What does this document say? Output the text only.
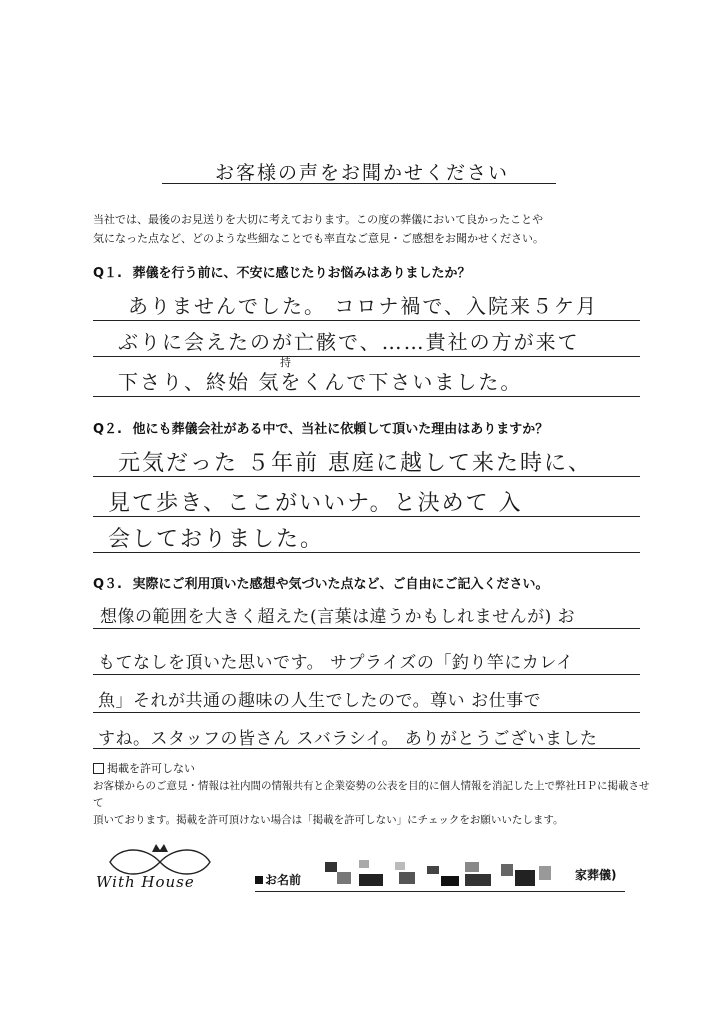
お客様の声をお聞かせください
当社では、最後のお見送りを大切に考えております。この度の葬儀において良かったことや
気になった点など、どのような些細なことでも率直なご意見・ご感想をお聞かせください。
Q１. 葬儀を行う前に、不安に感じたりお悩みはありましたか？
ありませんでした。 コロナ禍で、入院来５ケ月
ぶりに会えたのが亡骸で、……貴社の方が来て
持
下さり、終始 気をくんで下さいました。
Q２. 他にも葬儀会社がある中で、当社に依頼して頂いた理由はありますか？
元気だった ５年前 恵庭に越して来た時に、
見て歩き、ここがいいナ。と決めて 入
会しておりました。
Q３. 実際にご利用頂いた感想や気づいた点など、ご自由にご記入ください。
想像の範囲を大きく超えた(言葉は違うかもしれませんが) お
もてなしを頂いた思いです。 サプライズの「釣り竿にカレイ
魚」それが共通の趣味の人生でしたので。尊い お仕事で
すね。スタッフの皆さん スバラシイ。 ありがとうございました
掲載を許可しない
お客様からのご意見・情報は社内間の情報共有と企業姿勢の公表を目的に個人情報を消記した上で弊社ＨＰに掲載させて
頂いております。掲載を許可頂けない場合は「掲載を許可しない」にチェックをお願いいたします。
With House	お名前	家葬儀)
